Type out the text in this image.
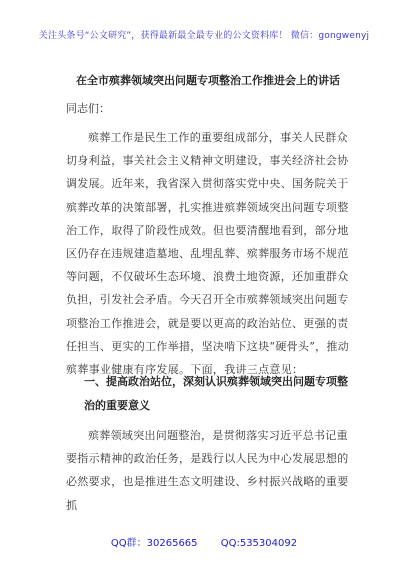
关注头条号“公文研究”，获得最新最全最专业的公文资料库！ 微信：gongwenyj
在全市殡葬领域突出问题专项整治工作推进会上的讲话
同志们：

殡葬工作是民生工作的重要组成部分，事关人民群众切身利益，事关社会主义精神文明建设，事关经济社会协调发展。近年来，我省深入贯彻落实党中央、国务院关于殡葬改革的决策部署，扎实推进殡葬领域突出问题专项整治工作，取得了阶段性成效。但也要清醒地看到，部分地区仍存在违规建造墓地、乱埋乱葬、殡葬服务市场不规范等问题，不仅破坏生态环境、浪费土地资源，还加重群众负担，引发社会矛盾。今天召开全市殡葬领域突出问题专项整治工作推进会，就是要以更高的政治站位、更强的责任担当、更实的工作举措，坚决啃下这块“硬骨头”，推动殡葬事业健康有序发展。下面，我讲三点意见：

一、提高政治站位，深刻认识殡葬领域突出问题专项整治的重要意义

殡葬领域突出问题整治，是贯彻落实习近平总书记重要指示精神的政治任务，是践行以人民为中心发展思想的必然要求，也是推进生态文明建设、乡村振兴战略的重要抓

QQ群：30265665 QQ:535304092
